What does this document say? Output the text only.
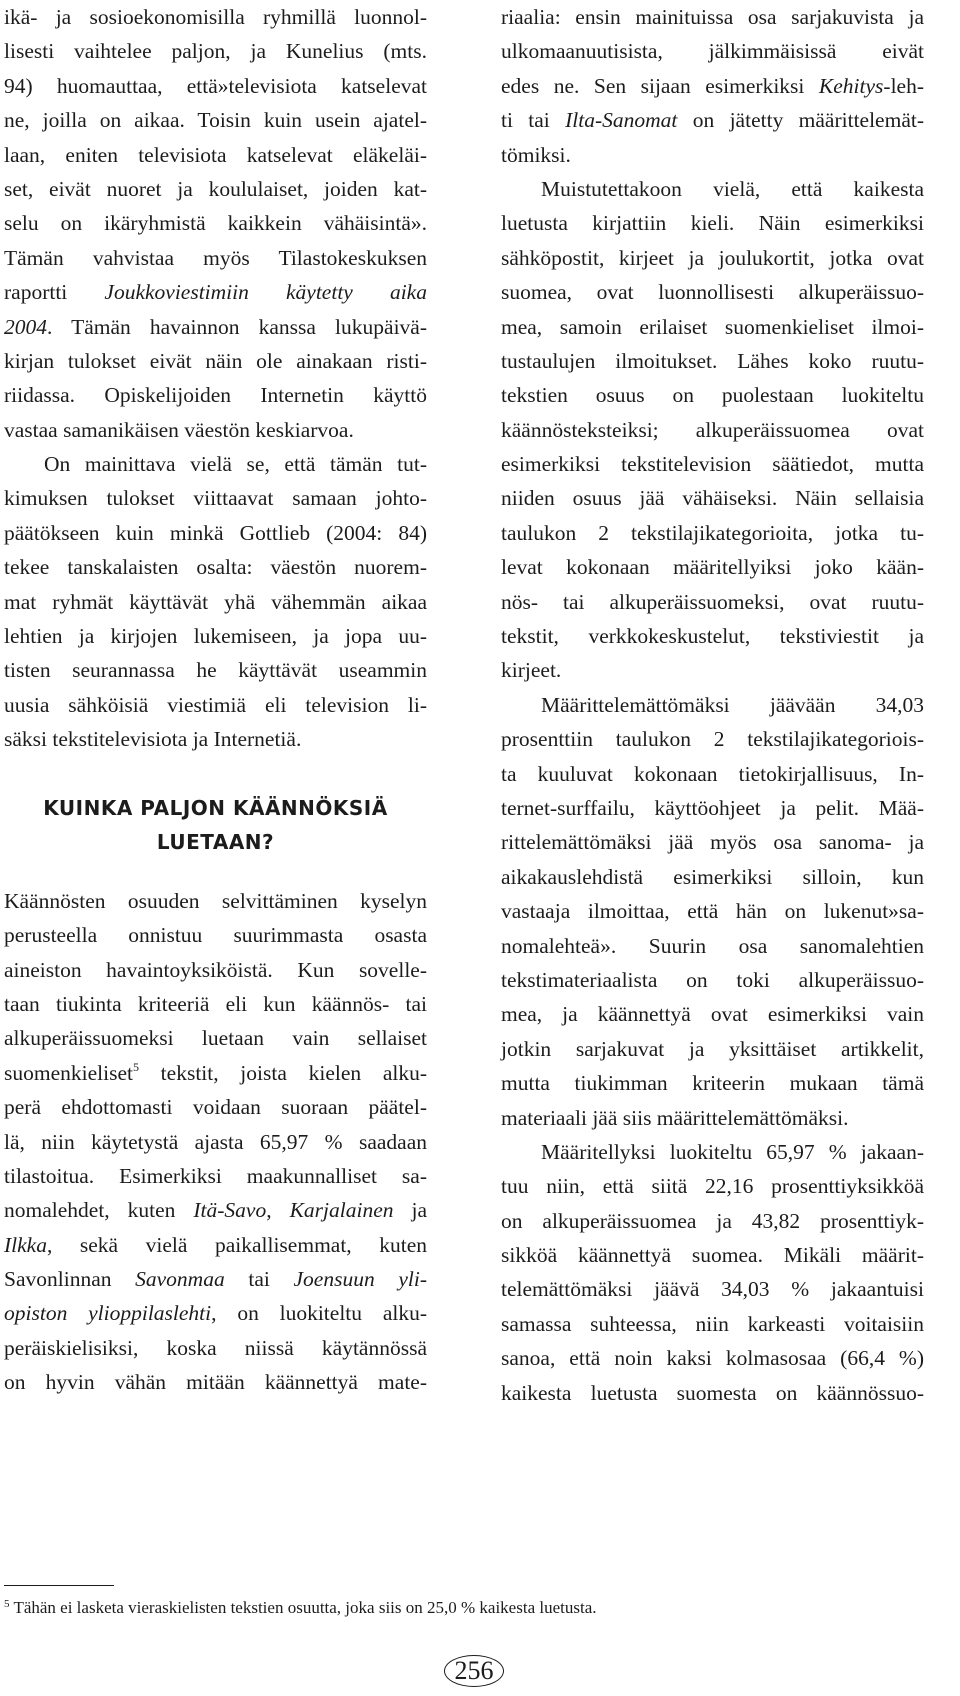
ikä- ja sosioekonomisilla ryhmillä luonnol-
lisesti vaihtelee paljon, ja Kunelius (mts.
94) huomauttaa, että»televisiota katselevat
ne, joilla on aikaa. Toisin kuin usein ajatel-
laan, eniten televisiota katselevat eläkeläi-
set, eivät nuoret ja koululaiset, joiden kat-
selu on ikäryhmistä kaikkein vähäisintä».
Tämän vahvistaa myös Tilastokeskuksen
raportti Joukkoviestimiin käytetty aika
2004. Tämän havainnon kanssa lukupäivä-
kirjan tulokset eivät näin ole ainakaan risti-
riidassa. Opiskelijoiden Internetin käyttö
vastaa samanikäisen väestön keskiarvoa.
On mainittava vielä se, että tämän tut-
kimuksen tulokset viittaavat samaan johto-
päätökseen kuin minkä Gottlieb (2004: 84)
tekee tanskalaisten osalta: väestön nuorem-
mat ryhmät käyttävät yhä vähemmän aikaa
lehtien ja kirjojen lukemiseen, ja jopa uu-
tisten seurannassa he käyttävät useammin
uusia sähköisiä viestimiä eli television li-
säksi tekstitelevisiota ja Internetiä.
KUINKA PALJON KÄÄNNÖKSIÄ
LUETAAN?
Käännösten osuuden selvittäminen kyselyn
perusteella onnistuu suurimmasta osasta
aineiston havaintoyksiköistä. Kun sovelle-
taan tiukinta kriteeriä eli kun käännös- tai
alkuperäissuomeksi luetaan vain sellaiset
suomenkieliset$^5$ tekstit, joista kielen alku-
perä ehdottomasti voidaan suoraan päätel-
lä, niin käytetystä ajasta 65,97 % saadaan
tilastoitua. Esimerkiksi maakunnalliset sa-
nomalehdet, kuten Itä-Savo, Karjalainen ja
Ilkka, sekä vielä paikallisemmat, kuten
Savonlinnan Savonmaa tai Joensuun yli-
opiston ylioppilaslehti, on luokiteltu alku-
peräiskielisiksi, koska niissä käytännössä
on hyvin vähän mitään käännettyä mate-
riaalia: ensin mainituissa osa sarjakuvista ja
ulkomaanuutisista, jälkimmäisissä eivät
edes ne. Sen sijaan esimerkiksi Kehitys-leh-
ti tai Ilta-Sanomat on jätetty määrittelemät-
tömiksi.
Muistutettakoon vielä, että kaikesta
luetusta kirjattiin kieli. Näin esimerkiksi
sähköpostit, kirjeet ja joulukortit, jotka ovat
suomea, ovat luonnollisesti alkuperäissuo-
mea, samoin erilaiset suomenkieliset ilmoi-
tustaulujen ilmoitukset. Lähes koko ruutu-
tekstien osuus on puolestaan luokiteltu
käännösteksteiksi; alkuperäissuomea ovat
esimerkiksi tekstitelevision säätiedot, mutta
niiden osuus jää vähäiseksi. Näin sellaisia
taulukon 2 tekstilajikategorioita, jotka tu-
levat kokonaan määritellyiksi joko kään-
nös- tai alkuperäissuomeksi, ovat ruutu-
tekstit, verkkokeskustelut, tekstiviestit ja
kirjeet.
Määrittelemättömäksi jäävään 34,03
prosenttiin taulukon 2 tekstilajikategoriois-
ta kuuluvat kokonaan tietokirjallisuus, In-
ternet-surffailu, käyttöohjeet ja pelit. Mää-
rittelemättömäksi jää myös osa sanoma- ja
aikakauslehdistä esimerkiksi silloin, kun
vastaaja ilmoittaa, että hän on lukenut»sa-
nomalehteä». Suurin osa sanomalehtien
tekstimateriaalista on toki alkuperäissuo-
mea, ja käännettyä ovat esimerkiksi vain
jotkin sarjakuvat ja yksittäiset artikkelit,
mutta tiukimman kriteerin mukaan tämä
materiaali jää siis määrittelemättömäksi.
Määritellyksi luokiteltu 65,97 % jakaan-
tuu niin, että siitä 22,16 prosenttiyksikköä
on alkuperäissuomea ja 43,82 prosenttiyk-
sikköä käännettyä suomea. Mikäli määrit-
telemättömäksi jäävä 34,03 % jakaantuisi
samassa suhteessa, niin karkeasti voitaisiin
sanoa, että noin kaksi kolmasosaa (66,4 %)
kaikesta luetusta suomesta on käännössuo-
$^5$ Tähän ei lasketa vieraskielisten tekstien osuutta, joka siis on 25,0 % kaikesta luetusta.
256
